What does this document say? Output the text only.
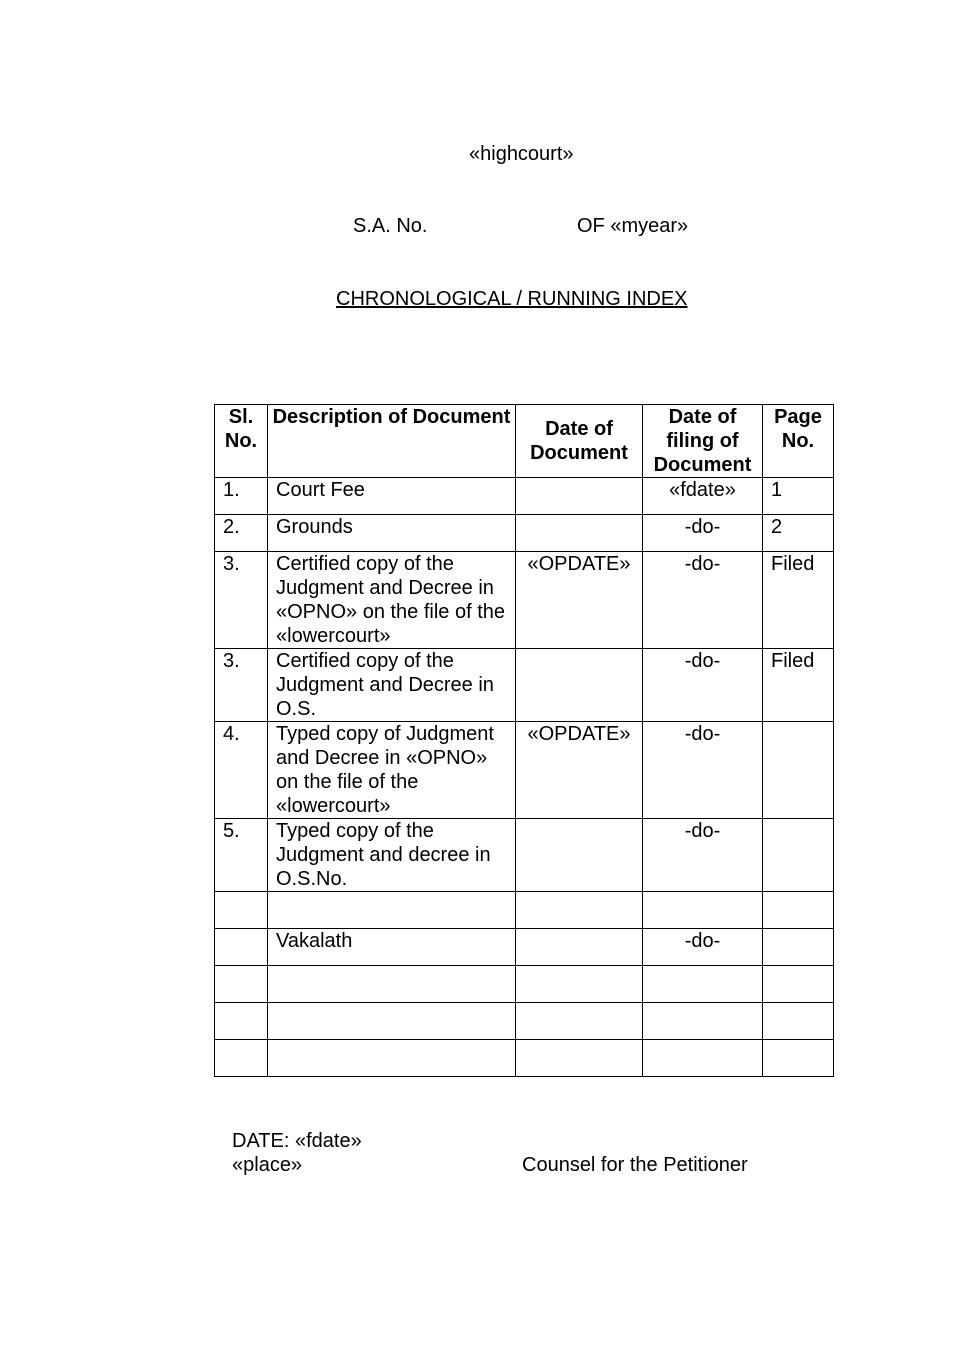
«highcourt»
S.A. No.	OF «myear»
CHRONOLOGICAL / RUNNING INDEX
Sl. No.	Description of Document	Date of Document	Date of filing of Document	Page No.
1.	Court Fee		«fdate»	1
2.	Grounds		-do-	2
3.	Certified copy of the Judgment and Decree in «OPNO» on the file of the «lowercourt»	«OPDATE»	-do-	Filed
3.	Certified copy of the Judgment and Decree in O.S.		-do-	Filed
4.	Typed copy of Judgment and Decree in «OPNO» on the file of the «lowercourt»	«OPDATE»	-do-	
5.	Typed copy of the Judgment and decree in O.S.No.		-do-	

	Vakalath		-do-	

DATE: «fdate»
«place»	Counsel for the Petitioner
